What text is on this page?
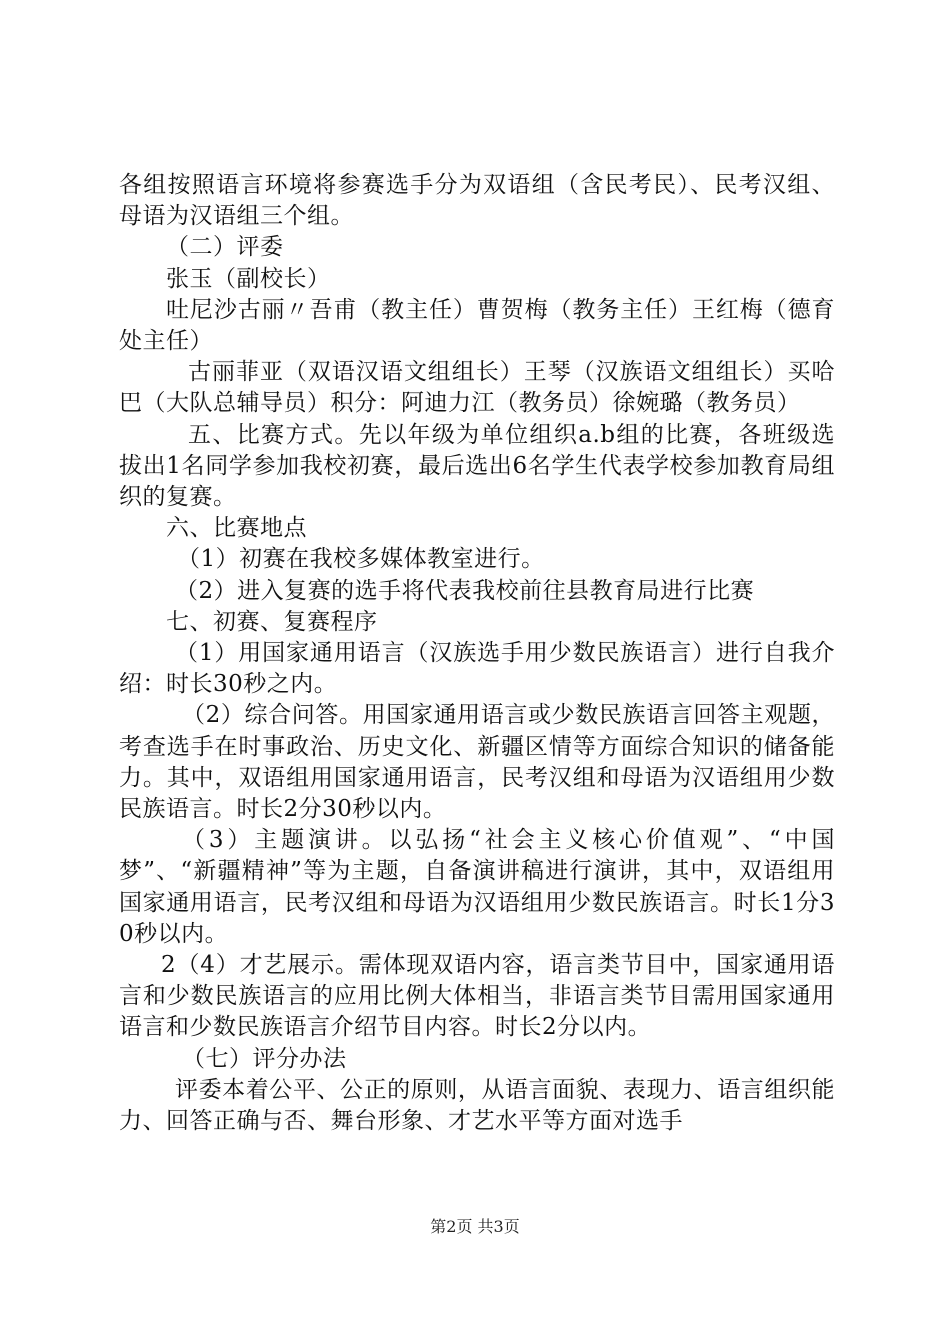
各组按照语言环境将参赛选手分为双语组（含民考民）、民考汉组、母语为汉语组三个组。

（二）评委

张玉（副校长）

吐尼沙古丽〃吾甫（教主任）曹贺梅（教务主任）王红梅（德育处主任）

古丽菲亚（双语汉语文组组长）王琴（汉族语文组组长）买哈巴（大队总辅导员）积分：阿迪力江（教务员）徐婉璐（教务员）

五、比赛方式。先以年级为单位组织a.b组的比赛，各班级选拔出1名同学参加我校初赛，最后选出6名学生代表学校参加教育局组织的复赛。

六、比赛地点

（1）初赛在我校多媒体教室进行。

（2）进入复赛的选手将代表我校前往县教育局进行比赛

七、初赛、复赛程序

（1）用国家通用语言（汉族选手用少数民族语言）进行自我介绍：时长30秒之内。

（2）综合问答。用国家通用语言或少数民族语言回答主观题，考查选手在时事政治、历史文化、新疆区情等方面综合知识的储备能力。其中，双语组用国家通用语言，民考汉组和母语为汉语组用少数民族语言。时长2分30秒以内。

（3）主题演讲。以弘扬“社会主义核心价值观”、“中国梦”、“新疆精神”等为主题，自备演讲稿进行演讲，其中，双语组用国家通用语言，民考汉组和母语为汉语组用少数民族语言。时长1分30秒以内。

2（4）才艺展示。需体现双语内容，语言类节目中，国家通用语言和少数民族语言的应用比例大体相当，非语言类节目需用国家通用语言和少数民族语言介绍节目内容。时长2分以内。

（七）评分办法

评委本着公平、公正的原则，从语言面貌、表现力、语言组织能力、回答正确与否、舞台形象、才艺水平等方面对选手

第2页 共3页
